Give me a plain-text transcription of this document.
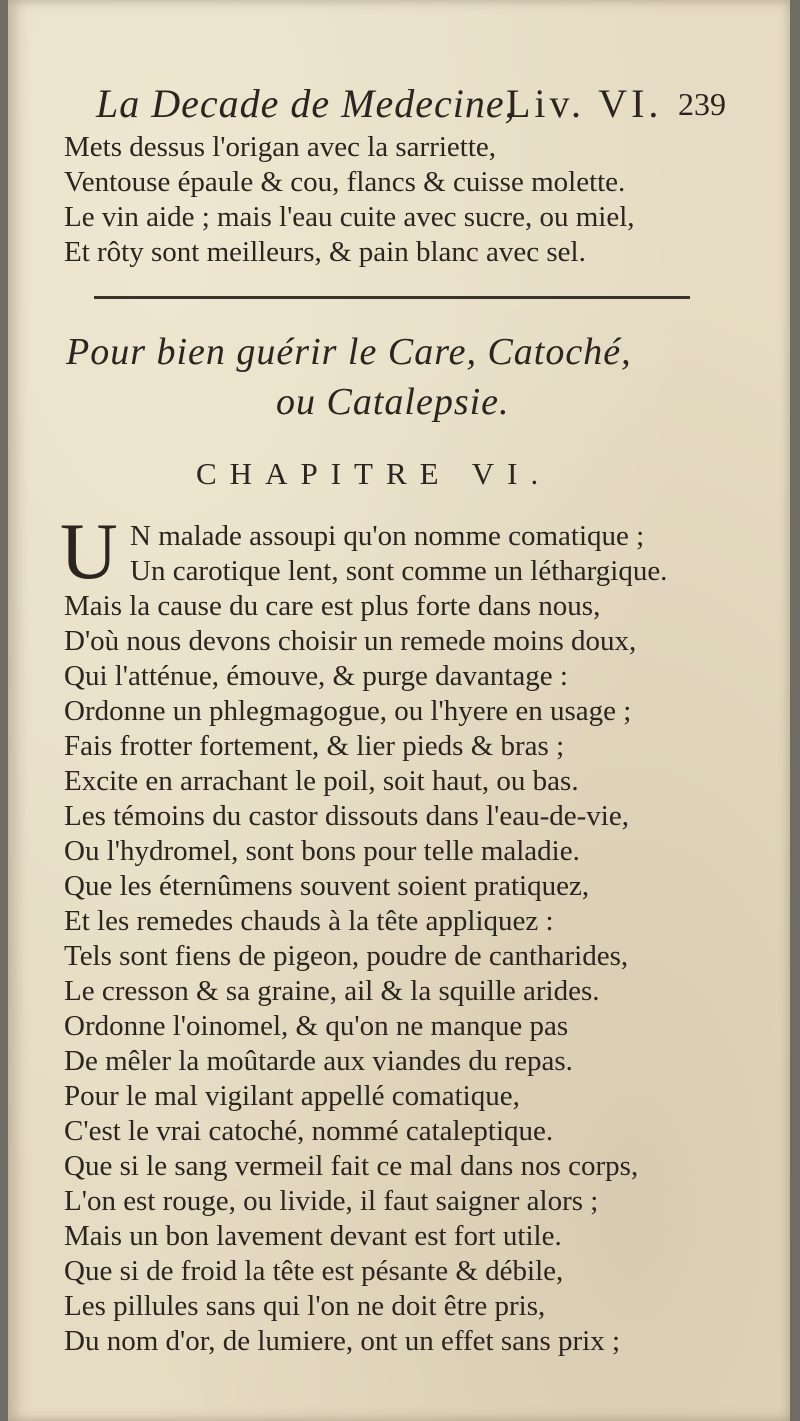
La Decade de Medecine,
Liv. VI. 239
Mets dessus l'origan avec la sarriette,
Ventouse épaule & cou, flancs & cuisse molette.
Le vin aide ; mais l'eau cuite avec sucre, ou miel,
Et rôty sont meilleurs, & pain blanc avec sel.
Pour bien guérir le Care, Catoché,
ou Catalepsie.
CHAPITRE VI.
U N malade assoupi qu'on nomme comatique ;
Un carotique lent, sont comme un léthargique.
Mais la cause du care est plus forte dans nous,
D'où nous devons choisir un remede moins doux,
Qui l'atténue, émouve, & purge davantage :
Ordonne un phlegmagogue, ou l'hyere en usage ;
Fais frotter fortement, & lier pieds & bras ;
Excite en arrachant le poil, soit haut, ou bas.
Les témoins du castor dissouts dans l'eau-de-vie,
Ou l'hydromel, sont bons pour telle maladie.
Que les éternûmens souvent soient pratiquez,
Et les remedes chauds à la tête appliquez :
Tels sont fiens de pigeon, poudre de cantharides,
Le cresson & sa graine, ail & la squille arides.
Ordonne l'oinomel, & qu'on ne manque pas
De mêler la moûtarde aux viandes du repas.
Pour le mal vigilant appellé comatique,
C'est le vrai catoché, nommé cataleptique.
Que si le sang vermeil fait ce mal dans nos corps,
L'on est rouge, ou livide, il faut saigner alors ;
Mais un bon lavement devant est fort utile.
Que si de froid la tête est pésante & débile,
Les pillules sans qui l'on ne doit être pris,
Du nom d'or, de lumiere, ont un effet sans prix ;
